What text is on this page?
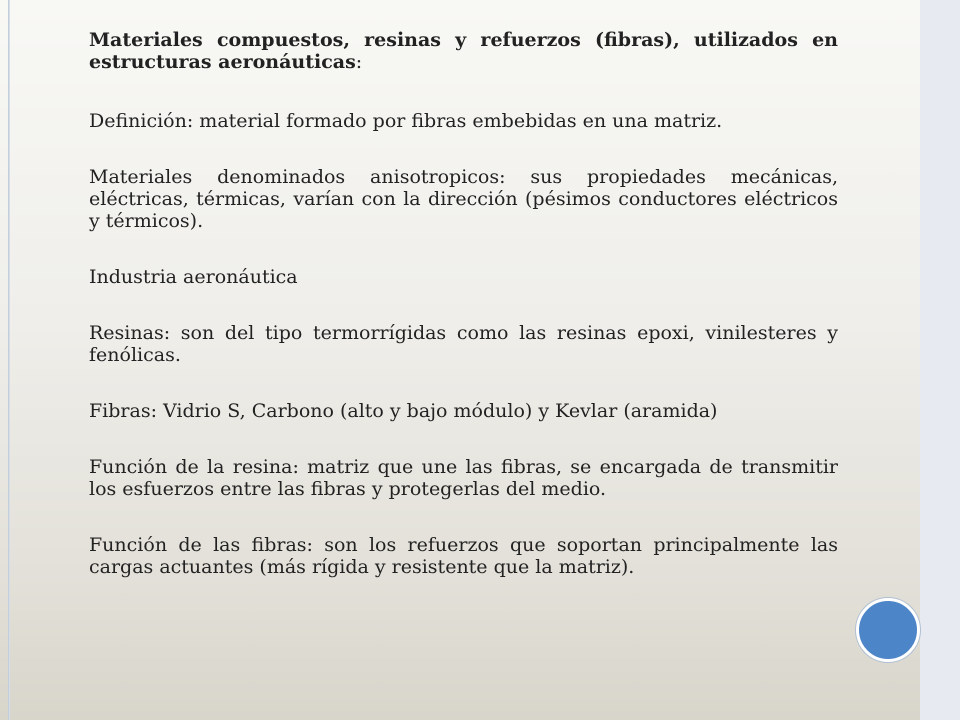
Materiales compuestos, resinas y refuerzos (fibras), utilizados en estructuras aeronáuticas:

Definición: material formado por fibras embebidas en una matriz.

Materiales denominados anisotropicos: sus propiedades mecánicas, eléctricas, térmicas, varían con la dirección (pésimos conductores eléctricos y térmicos).

Industria aeronáutica

Resinas: son del tipo termorrígidas como las resinas epoxi, vinilesteres y fenólicas.

Fibras: Vidrio S, Carbono (alto y bajo módulo) y Kevlar (aramida)

Función de la resina: matriz que une las fibras, se encargada de transmitir los esfuerzos entre las fibras y protegerlas del medio.

Función de las fibras: son los refuerzos que soportan principalmente las cargas actuantes (más rígida y resistente que la matriz).
